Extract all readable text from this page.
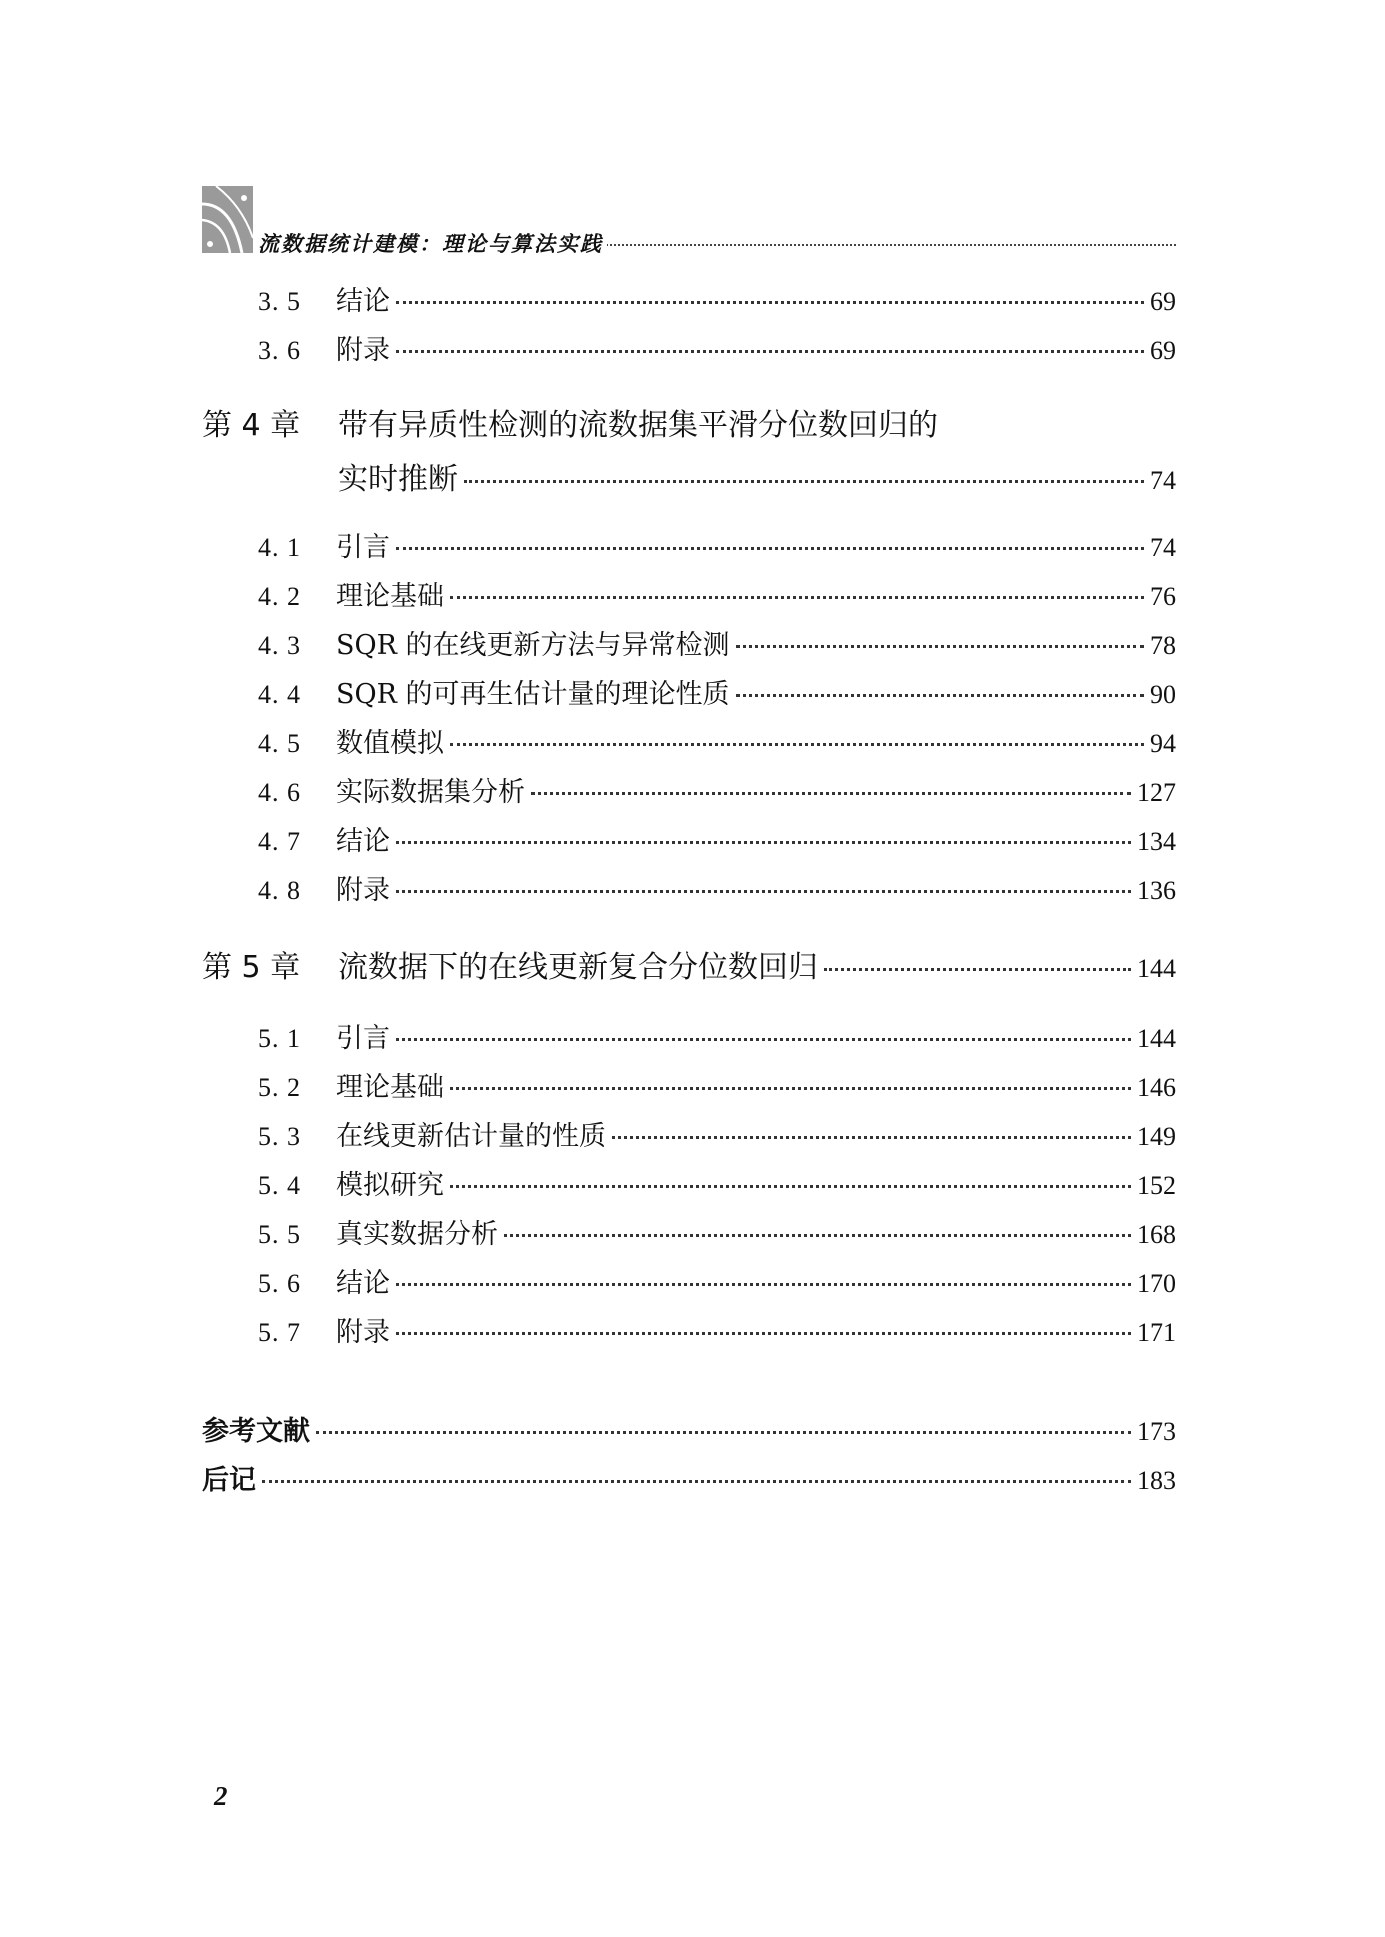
流数据统计建模：理论与算法实践
3. 5	结论	69
3. 6	附录	69
第 4 章	带有异质性检测的流数据集平滑分位数回归的
实时推断	74
4. 1	引言	74
4. 2	理论基础	76
4. 3	SQR 的在线更新方法与异常检测	78
4. 4	SQR 的可再生估计量的理论性质	90
4. 5	数值模拟	94
4. 6	实际数据集分析	127
4. 7	结论	134
4. 8	附录	136
第 5 章	流数据下的在线更新复合分位数回归	144
5. 1	引言	144
5. 2	理论基础	146
5. 3	在线更新估计量的性质	149
5. 4	模拟研究	152
5. 5	真实数据分析	168
5. 6	结论	170
5. 7	附录	171
参考文献	173
后记	183
2
